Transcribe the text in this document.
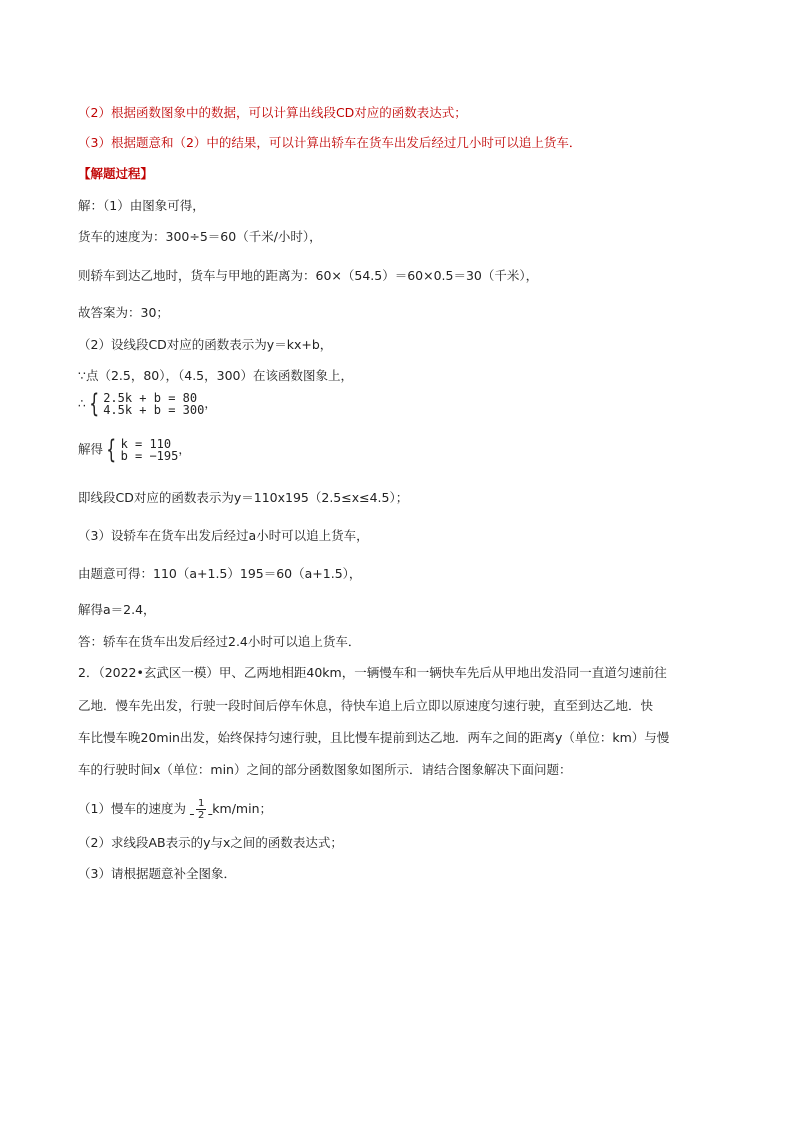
（2）根据函数图象中的数据，可以计算出线段CD对应的函数表达式；
（3）根据题意和（2）中的结果，可以计算出轿车在货车出发后经过几小时可以追上货车．
【解题过程】
解：（1）由图象可得，
货车的速度为：300÷5＝60（千米/小时），
则轿车到达乙地时，货车与甲地的距离为：60×（54.5）＝60×0.5＝30（千米），
故答案为：30；
（2）设线段CD对应的函数表示为y＝kx+b，
∵点（2.5，80），（4.5，300）在该函数图象上，
∴ { 2.5k + b = 80
4.5k + b = 300 ，
解得 { k = 110
b = −195 ，
即线段CD对应的函数表示为y＝110x195（2.5≤x≤4.5）；
（3）设轿车在货车出发后经过a小时可以追上货车，
由题意可得：110（a+1.5）195＝60（a+1.5），
解得a＝2.4，
答：轿车在货车出发后经过2.4小时可以追上货车．
2．（2022•玄武区一模）甲、乙两地相距40km，一辆慢车和一辆快车先后从甲地出发沿同一直道匀速前往
乙地．慢车先出发，行驶一段时间后停车休息，待快车追上后立即以原速度匀速行驶，直至到达乙地．快
车比慢车晚20min出发，始终保持匀速行驶，且比慢车提前到达乙地．两车之间的距离y（单位：km）与慢
车的行驶时间x（单位：min）之间的部分函数图象如图所示．请结合图象解决下面问题：
（1）慢车的速度为 $\frac{1}{2} km/\min$；
（2）求线段AB表示的y与x之间的函数表达式；
（3）请根据题意补全图象．
